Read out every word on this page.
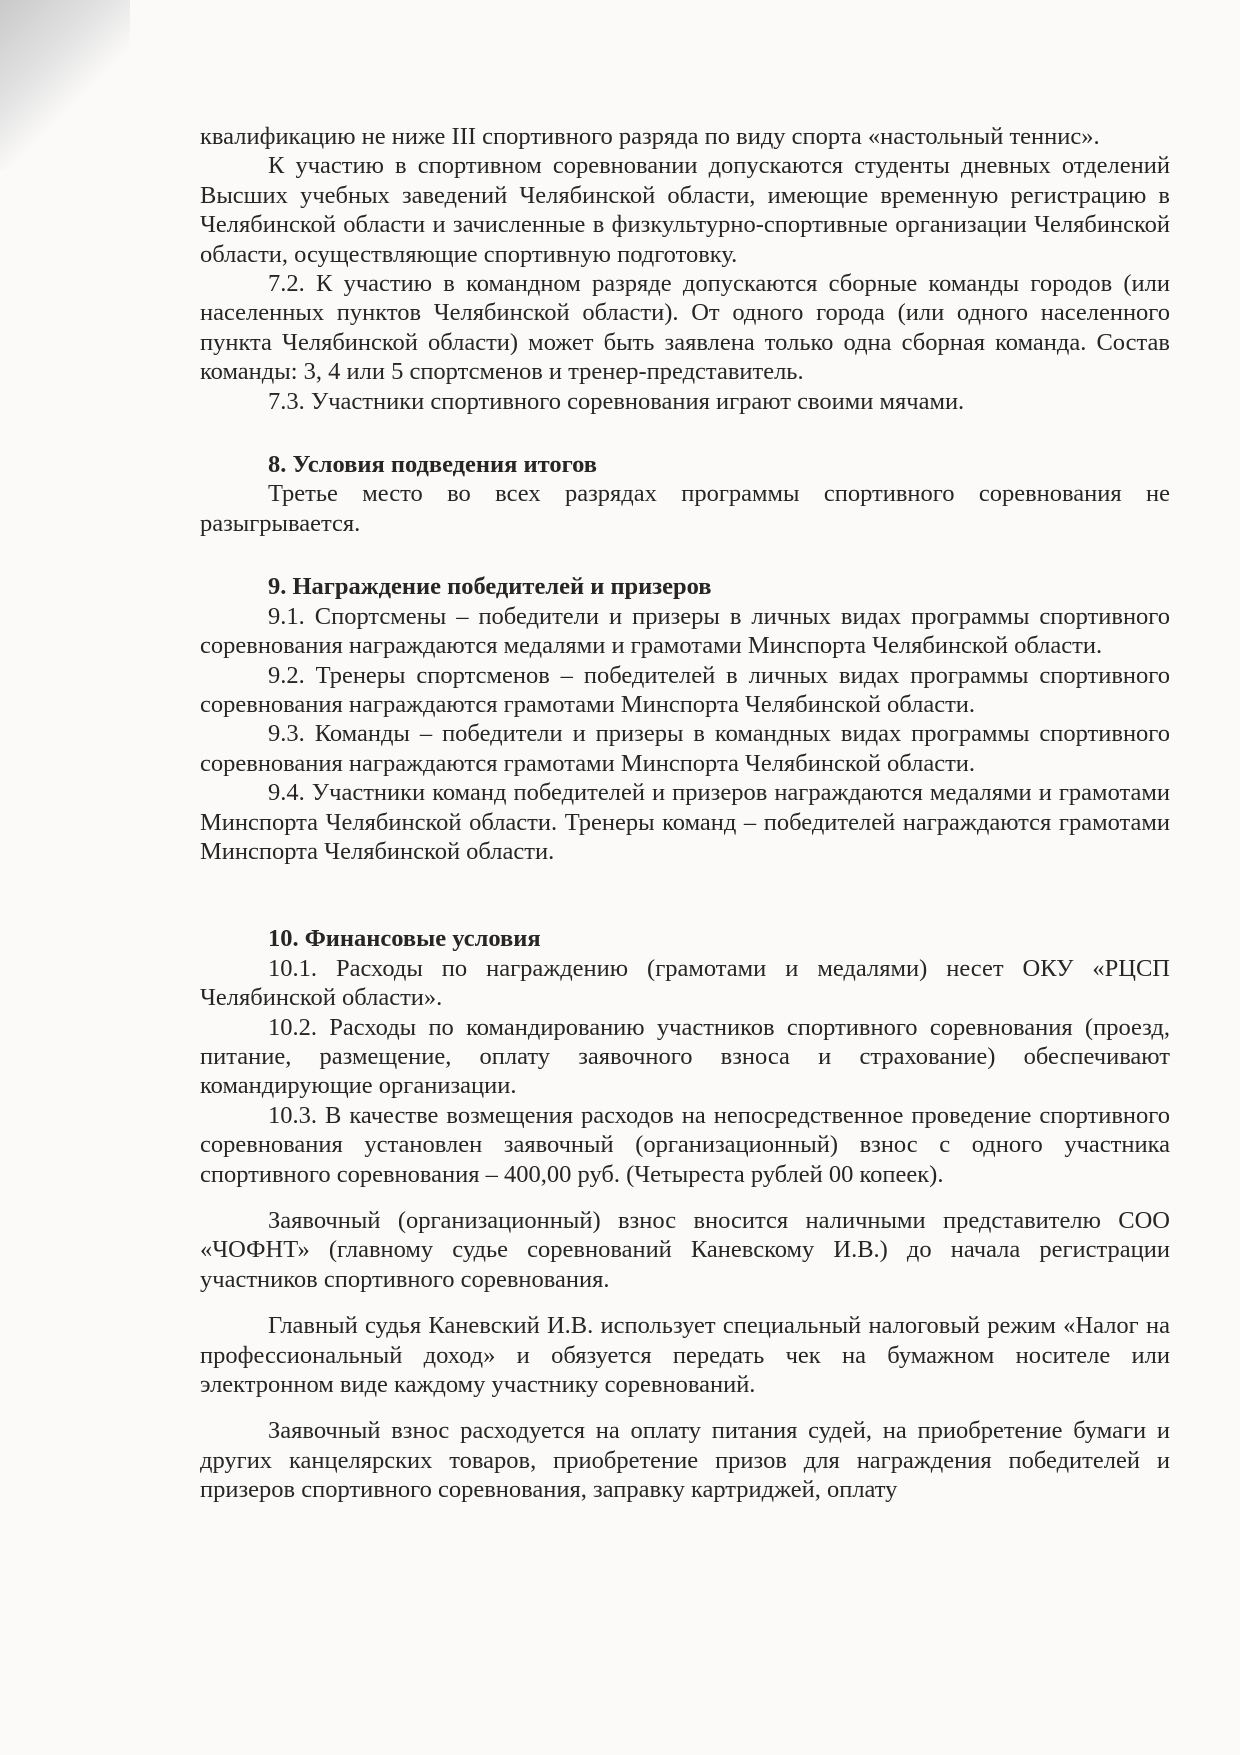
квалификацию не ниже III спортивного разряда по виду спорта «настольный теннис».

К участию в спортивном соревновании допускаются студенты дневных отделений Высших учебных заведений Челябинской области, имеющие временную регистрацию в Челябинской области и зачисленные в физкультурно-спортивные организации Челябинской области, осуществляющие спортивную подготовку.

7.2. К участию в командном разряде допускаются сборные команды городов (или населенных пунктов Челябинской области). От одного города (или одного населенного пункта Челябинской области) может быть заявлена только одна сборная команда. Состав команды: 3, 4 или 5 спортсменов и тренер-представитель.

7.3. Участники спортивного соревнования играют своими мячами.

8. Условия подведения итогов

Третье место во всех разрядах программы спортивного соревнования не разыгрывается.

9. Награждение победителей и призеров

9.1. Спортсмены – победители и призеры в личных видах программы спортивного соревнования награждаются медалями и грамотами Минспорта Челябинской области.

9.2. Тренеры спортсменов – победителей в личных видах программы спортивного соревнования награждаются грамотами Минспорта Челябинской области.

9.3. Команды – победители и призеры в командных видах программы спортивного соревнования награждаются грамотами Минспорта Челябинской области.

9.4. Участники команд победителей и призеров награждаются медалями и грамотами Минспорта Челябинской области. Тренеры команд – победителей награждаются грамотами Минспорта Челябинской области.

10. Финансовые условия

10.1. Расходы по награждению (грамотами и медалями) несет ОКУ «РЦСП Челябинской области».

10.2. Расходы по командированию участников спортивного соревнования (проезд, питание, размещение, оплату заявочного взноса и страхование) обеспечивают командирующие организации.

10.3. В качестве возмещения расходов на непосредственное проведение спортивного соревнования установлен заявочный (организационный) взнос с одного участника спортивного соревнования – 400,00 руб. (Четыреста рублей 00 копеек).

Заявочный (организационный) взнос вносится наличными представителю СОО «ЧОФНТ» (главному судье соревнований Каневскому И.В.) до начала регистрации участников спортивного соревнования.

Главный судья Каневский И.В. использует специальный налоговый режим «Налог на профессиональный доход» и обязуется передать чек на бумажном носителе или электронном виде каждому участнику соревнований.

Заявочный взнос расходуется на оплату питания судей, на приобретение бумаги и других канцелярских товаров, приобретение призов для награждения победителей и призеров спортивного соревнования, заправку картриджей, оплату
